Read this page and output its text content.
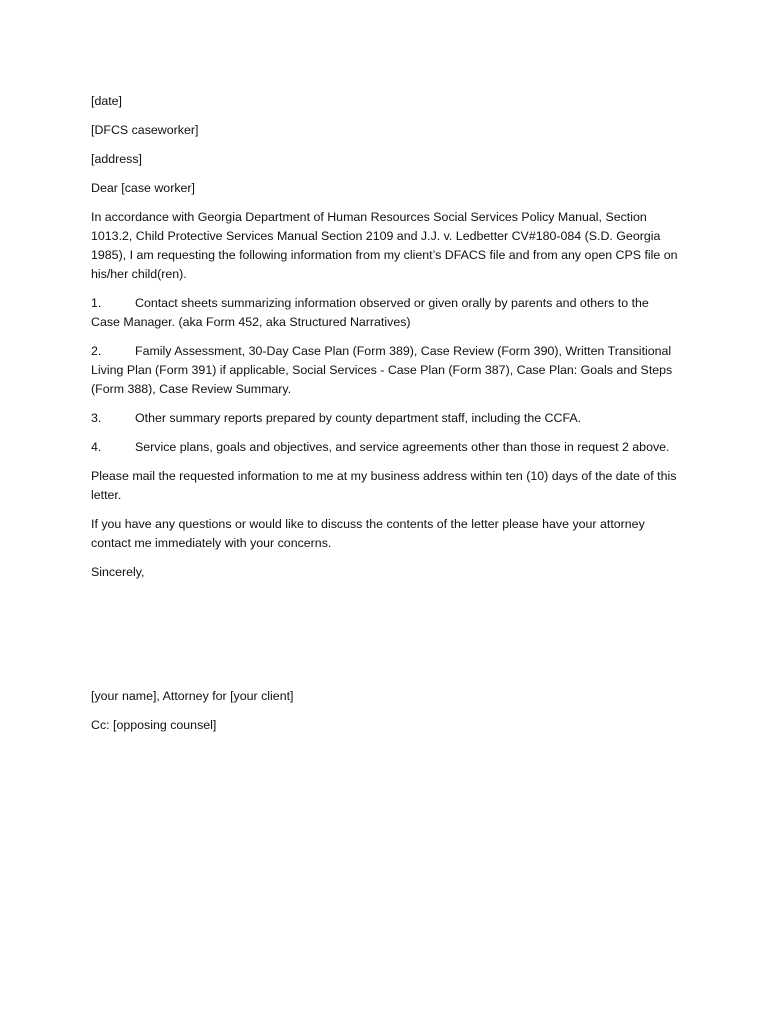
[date]

[DFCS caseworker]

[address]

Dear [case worker]

In accordance with Georgia Department of Human Resources Social Services Policy Manual, Section 1013.2, Child Protective Services Manual Section 2109 and J.J. v. Ledbetter CV#180-084 (S.D. Georgia 1985), I am requesting the following information from my client’s DFACS file and from any open CPS file on his/her child(ren).

1.	Contact sheets summarizing information observed or given orally by parents and others to the

Case Manager. (aka Form 452, aka Structured Narratives)

2.	Family Assessment, 30-Day Case Plan (Form 389), Case Review (Form 390), Written Transitional

Living Plan (Form 391) if applicable, Social Services - Case Plan (Form 387), Case Plan: Goals and Steps (Form 388), Case Review Summary.

3.	Other summary reports prepared by county department staff, including the CCFA.
4.	Service plans, goals and objectives, and service agreements other than those in request 2 above.

Please mail the requested information to me at my business address within ten (10) days of the date of this letter.

If you have any questions or would like to discuss the contents of the letter please have your attorney contact me immediately with your concerns.

Sincerely,

[your name], Attorney for [your client]

Cc: [opposing counsel]
